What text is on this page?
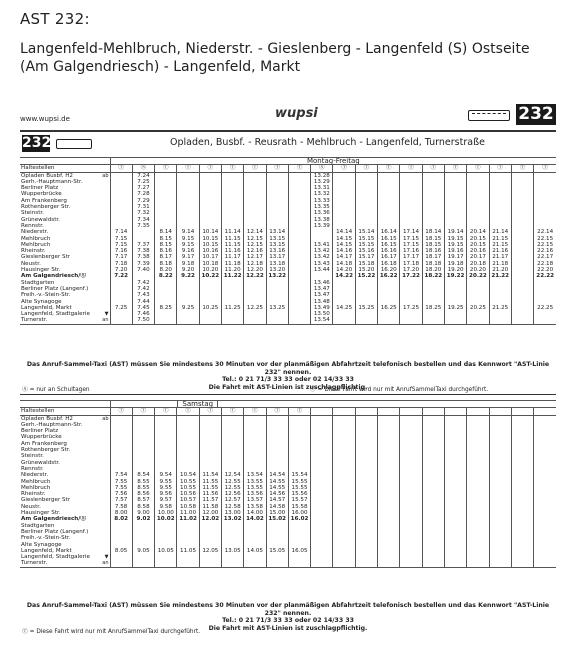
AST 232:
Langenfeld-Mehlbruch, Niederstr. - Gieslenberg - Langenfeld (S) Ostseite (Am Galgendriesch) - Langenfeld, Markt
www.wupsi.de	wupsi	232
232	Opladen, Busbf. - Reusrath - Mehlbruch - Langenfeld, Turnerstraße
		Montag-Freitag																			
Haltestellen		Ⓣ	Ⓢ	Ⓣ	Ⓣ	Ⓣ	Ⓣ	Ⓣ	Ⓣ	Ⓣ	Ⓢ	Ⓣ	Ⓣ	Ⓣ	Ⓣ	Ⓣ	Ⓣ	Ⓣ	Ⓣ	Ⓣ	Ⓣ
Opladen Busbf. H2	ab		7.24								13.28										
Gerh.-Hauptmann-Str.			7.25								13.29										
Berliner Platz			7.27								13.31										
Wupperbrücke			7.28								13.32										
Am Frankenberg			7.29								13.33										
Rothenberger Str.			7.31								13.35										
Steinstr.			7.32								13.36										
Grünewaldstr.			7.34								13.38										
Rennstr.			7.35								13.39										
Niederstr.		7.14		8.14	9.14	10.14	11.14	12.14	13.14			14.14	15.14	16.14	17.14	18.14	19.14	20.14	21.14		22.14
Mehlbruch		7.15		8.15	9.15	10.15	11.15	12.15	13.15			14.15	15.15	16.15	17.15	18.15	19.15	20.15	21.15		22.15
Mehlbruch		7.15	7.37	8.15	9.15	10.15	11.15	12.15	13.15		13.41	14.15	15.15	16.15	17.15	18.15	19.15	20.15	21.15		22.15
Rheinstr.		7.16	7.38	8.16	9.16	10.16	11.16	12.16	13.16		13.42	14.16	15.16	16.16	17.16	18.16	19.16	20.16	21.16		22.16
Gieslenberger Str		7.17	7.38	8.17	9.17	10.17	11.17	12.17	13.17		13.42	14.17	15.17	16.17	17.17	18.17	19.17	20.17	21.17		22.17
Neustr.		7.18	7.39	8.18	9.18	10.18	11.18	12.18	13.18		13.43	14.18	15.18	16.18	17.18	18.18	19.18	20.18	21.18		22.18
Hausinger Str.		7.20	7.40	8.20	9.20	10.20	11.20	12.20	13.20		13.44	14.20	15.20	16.20	17.20	18.20	19.20	20.20	21.20		22.20
Am Galgendriesch/Ⓢ		7.22		8.22	9.22	10.22	11.22	12.22	13.22			14.22	15.22	16.22	17.22	18.22	19.22	20.22	21.22		22.22
Stadtgarten			7.42								13.46										
Berliner Platz (Langenf.)			7.42								13.47										
Freih.-v.-Stein-Str.			7.43								13.47										
Alte Synagoge			7.44								13.48										
Langenfeld, Markt		7.25	7.45	8.25	9.25	10.25	11.25	12.25	13.25		13.49	14.25	15.25	16.25	17.25	18.25	19.25	20.25	21.25		22.25
Langenfeld, Stadtgalerie	▼		7.46								13.50										
Turnerstr.	an		7.50								13.54										
Das Anruf-Sammel-Taxi (AST) müssen Sie mindestens 30 Minuten vor der planmäßigen Abfahrtzeit telefonisch bestellen und das Kennwort "AST-Linie 232" nennen.
Tel.: 0 21 71/3 33 33 oder 02 14/33 33
Die Fahrt mit AST-Linien ist zuschlagpflichtig.
Ⓢ = nur an Schultagen	Ⓣ = Diese Fahrt wird nur mit AnrufSammelTaxi durchgeführt.
		Samstag																			
Haltestellen		Ⓣ	Ⓣ	Ⓣ	Ⓣ	Ⓣ	Ⓣ	Ⓣ	Ⓣ	Ⓣ											
Opladen Busbf. H2	ab																				
Gerh.-Hauptmann-Str.																					
Berliner Platz																					
Wupperbrücke																					
Am Frankenberg																					
Rothenberger Str.																					
Steinstr.																					
Grünewaldstr.																					
Rennstr.																					
Niederstr.		7.54	8.54	9.54	10.54	11.54	12.54	13.54	14.54	15.54											
Mehlbruch		7.55	8.55	9.55	10.55	11.55	12.55	13.55	14.55	15.55											
Mehlbruch		7.55	8.55	9.55	10.55	11.55	12.55	13.55	14.55	15.55											
Rheinstr.		7.56	8.56	9.56	10.56	11.56	12.56	13.56	14.56	15.56											
Gieslenberger Str		7.57	8.57	9.57	10.57	11.57	12.57	13.57	14.57	15.57											
Neustr.		7.58	8.58	9.58	10.58	11.58	12.58	13.58	14.58	15.58											
Hausinger Str.		8.00	9.00	10.00	11.00	12.00	13.00	14.00	15.00	16.00											
Am Galgendriesch/Ⓢ		8.02	9.02	10.02	11.02	12.02	13.02	14.02	15.02	16.02											
Stadtgarten																					
Berliner Platz (Langenf.)																					
Freih.-v.-Stein-Str.																					
Alte Synagoge																					
Langenfeld, Markt		8.05	9.05	10.05	11.05	12.05	13.05	14.05	15.05	16.05											
Langenfeld, Stadtgalerie	▼																				
Turnerstr.	an																				
Das Anruf-Sammel-Taxi (AST) müssen Sie mindestens 30 Minuten vor der planmäßigen Abfahrtzeit telefonisch bestellen und das Kennwort "AST-Linie 232" nennen.
Tel.: 0 21 71/3 33 33 oder 02 14/33 33
Die Fahrt mit AST-Linien ist zuschlagpflichtig.
Ⓣ = Diese Fahrt wird nur mit AnrufSammelTaxi durchgeführt.
